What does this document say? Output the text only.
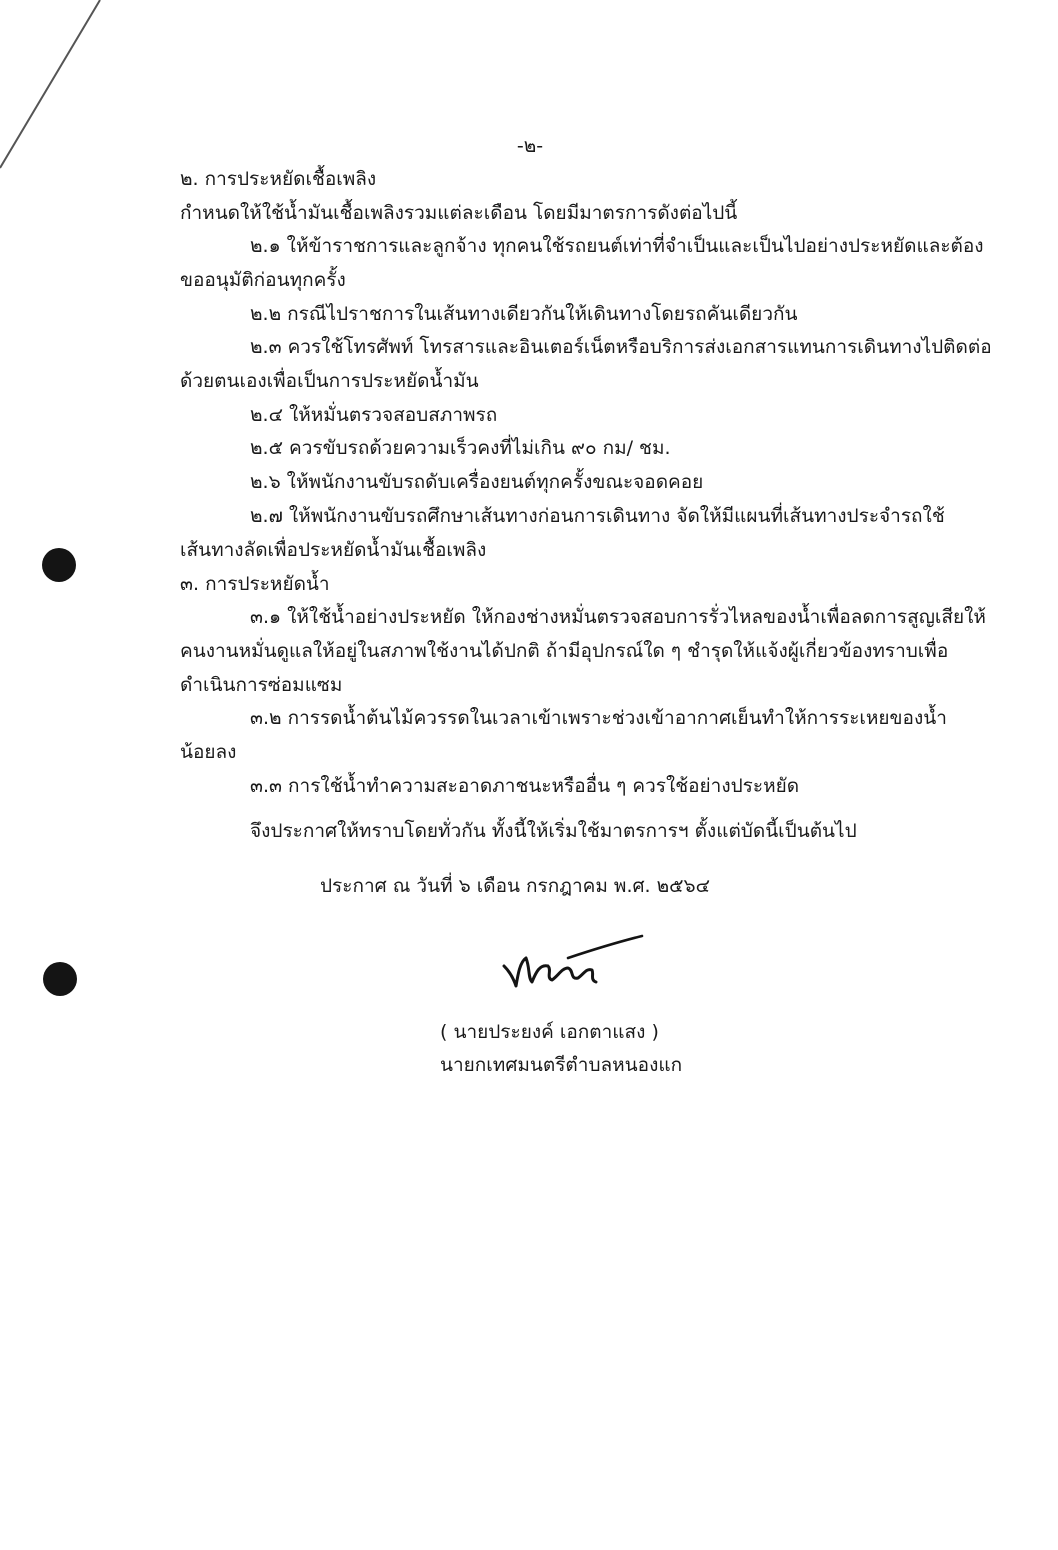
-๒-
๒. การประหยัดเชื้อเพลิง
กำหนดให้ใช้น้ำมันเชื้อเพลิงรวมแต่ละเดือน โดยมีมาตรการดังต่อไปนี้
๒.๑ ให้ข้าราชการและลูกจ้าง ทุกคนใช้รถยนต์เท่าที่จำเป็นและเป็นไปอย่างประหยัดและต้อง
ขออนุมัติก่อนทุกครั้ง
๒.๒ กรณีไปราชการในเส้นทางเดียวกันให้เดินทางโดยรถคันเดียวกัน
๒.๓ ควรใช้โทรศัพท์ โทรสารและอินเตอร์เน็ตหรือบริการส่งเอกสารแทนการเดินทางไปติดต่อ
ด้วยตนเองเพื่อเป็นการประหยัดน้ำมัน
๒.๔ ให้หมั่นตรวจสอบสภาพรถ
๒.๕ ควรขับรถด้วยความเร็วคงที่ไม่เกิน ๙๐ กม/ ชม.
๒.๖ ให้พนักงานขับรถดับเครื่องยนต์ทุกครั้งขณะจอดคอย
๒.๗ ให้พนักงานขับรถศึกษาเส้นทางก่อนการเดินทาง จัดให้มีแผนที่เส้นทางประจำรถใช้
เส้นทางลัดเพื่อประหยัดน้ำมันเชื้อเพลิง
๓. การประหยัดน้ำ
๓.๑ ให้ใช้น้ำอย่างประหยัด ให้กองช่างหมั่นตรวจสอบการรั่วไหลของน้ำเพื่อลดการสูญเสียให้
คนงานหมั่นดูแลให้อยู่ในสภาพใช้งานได้ปกติ ถ้ามีอุปกรณ์ใด ๆ ชำรุดให้แจ้งผู้เกี่ยวข้องทราบเพื่อ
ดำเนินการซ่อมแซม
๓.๒ การรดน้ำต้นไม้ควรรดในเวลาเข้าเพราะช่วงเข้าอากาศเย็นทำให้การระเหยของน้ำ
น้อยลง
๓.๓ การใช้น้ำทำความสะอาดภาชนะหรืออื่น ๆ ควรใช้อย่างประหยัด
จึงประกาศให้ทราบโดยทั่วกัน ทั้งนี้ให้เริ่มใช้มาตรการฯ ตั้งแต่บัดนี้เป็นต้นไป
ประกาศ ณ วันที่ ๖ เดือน กรกฎาคม พ.ศ. ๒๕๖๔
( นายประยงค์ เอกตาแสง )
นายกเทศมนตรีตำบลหนองแก
